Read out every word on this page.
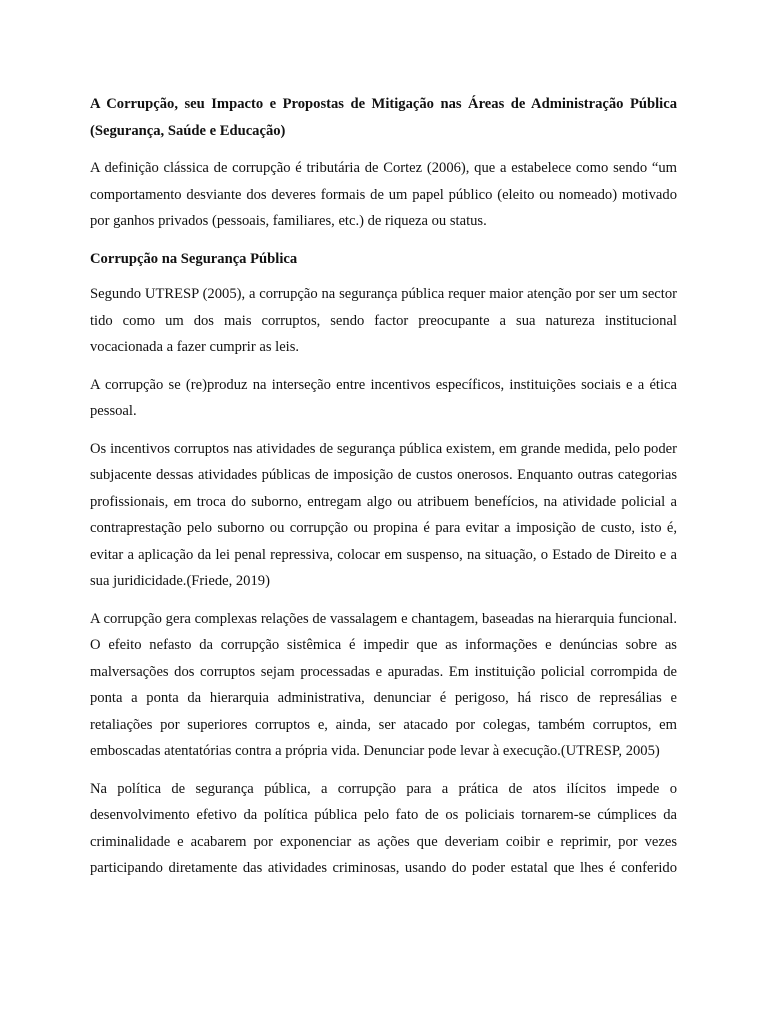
A Corrupção, seu Impacto e Propostas de Mitigação nas Áreas de Administração Pública (Segurança, Saúde e Educação)

A definição clássica de corrupção é tributária de Cortez (2006), que a estabelece como sendo “um comportamento desviante dos deveres formais de um papel público (eleito ou nomeado) motivado por ganhos privados (pessoais, familiares, etc.) de riqueza ou status.

Corrupção na Segurança Pública

Segundo UTRESP (2005), a corrupção na segurança pública requer maior atenção por ser um sector tido como um dos mais corruptos, sendo factor preocupante a sua natureza institucional vocacionada a fazer cumprir as leis.

A corrupção se (re)produz na interseção entre incentivos específicos, instituições sociais e a ética pessoal.

Os incentivos corruptos nas atividades de segurança pública existem, em grande medida, pelo poder subjacente dessas atividades públicas de imposição de custos onerosos. Enquanto outras categorias profissionais, em troca do suborno, entregam algo ou atribuem benefícios, na atividade policial a contraprestação pelo suborno ou corrupção ou propina é para evitar a imposição de custo, isto é, evitar a aplicação da lei penal repressiva, colocar em suspenso, na situação, o Estado de Direito e a sua juridicidade.(Friede, 2019)

A corrupção gera complexas relações de vassalagem e chantagem, baseadas na hierarquia funcional. O efeito nefasto da corrupção sistêmica é impedir que as informações e denúncias sobre as malversações dos corruptos sejam processadas e apuradas. Em instituição policial corrompida de ponta a ponta da hierarquia administrativa, denunciar é perigoso, há risco de represálias e retaliações por superiores corruptos e, ainda, ser atacado por colegas, também corruptos, em emboscadas atentatórias contra a própria vida. Denunciar pode levar à execução.(UTRESP, 2005)

Na política de segurança pública, a corrupção para a prática de atos ilícitos impede o desenvolvimento efetivo da política pública pelo fato de os policiais tornarem-se cúmplices da criminalidade e acabarem por exponenciar as ações que deveriam coibir e reprimir, por vezes participando diretamente das atividades criminosas, usando do poder estatal que lhes é conferido
